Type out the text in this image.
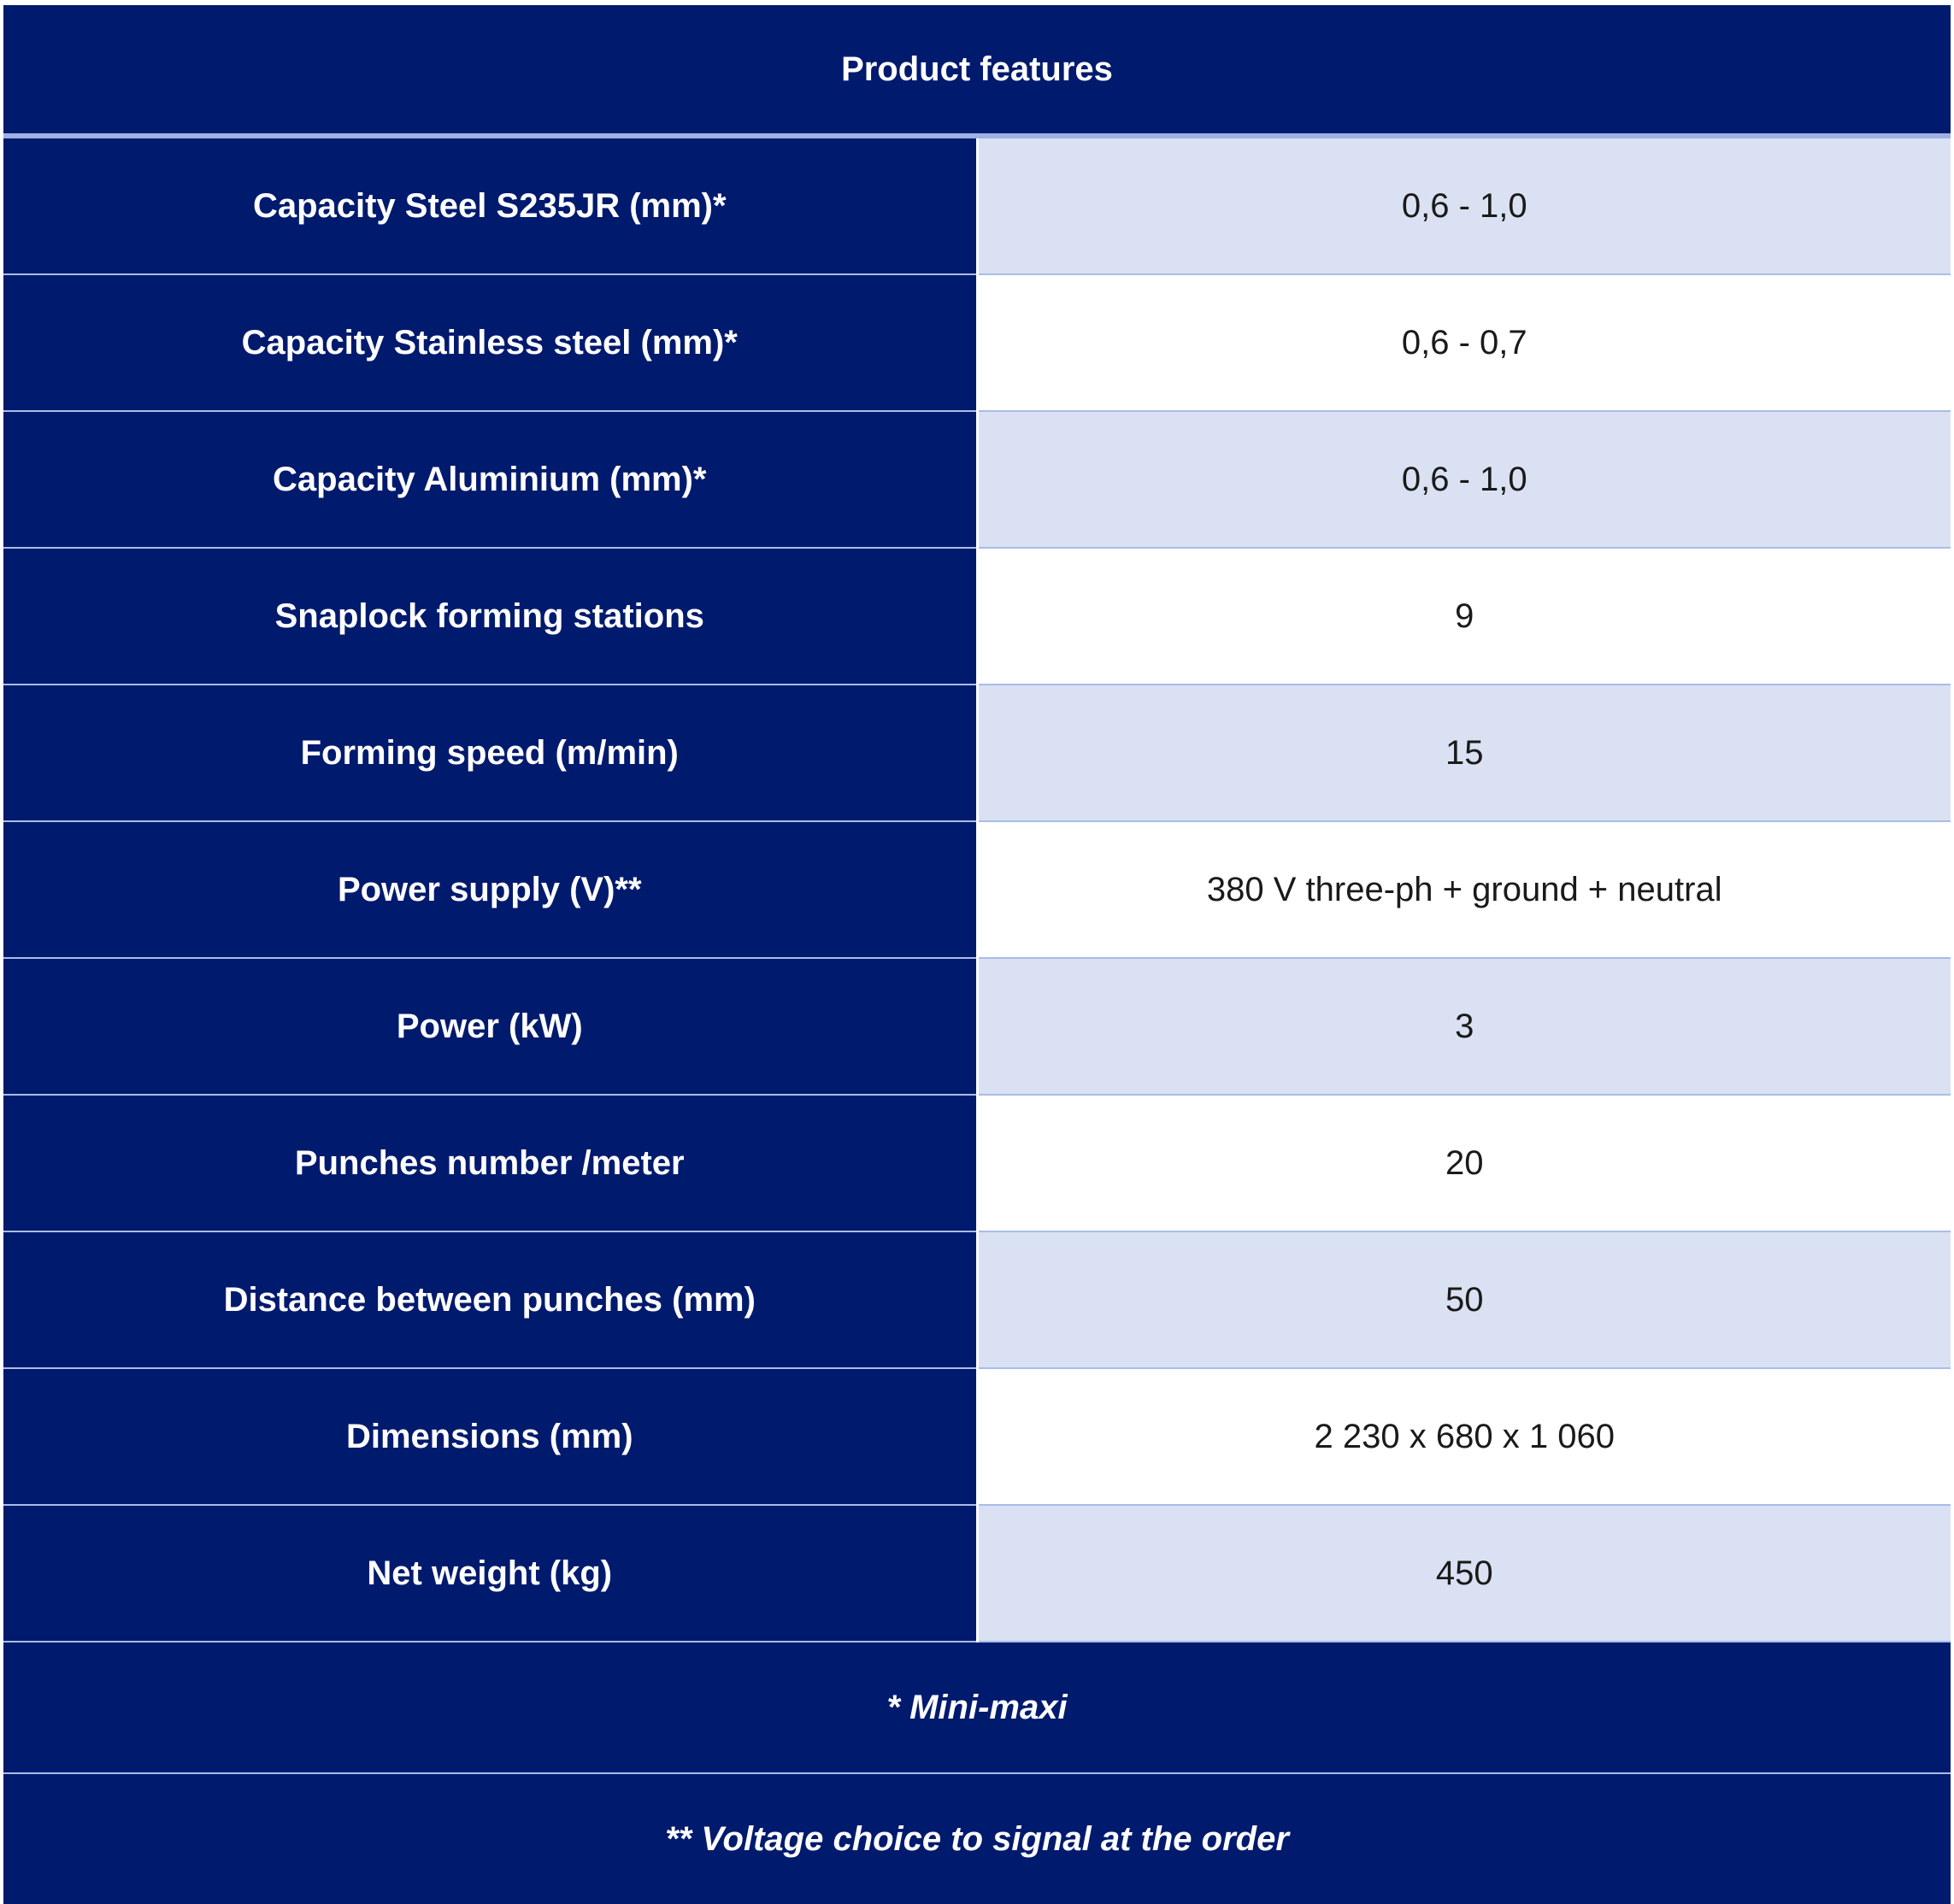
Product features	
Capacity Steel S235JR (mm)*	0,6 - 1,0
Capacity Stainless steel (mm)*	0,6 - 0,7
Capacity Aluminium (mm)*	0,6 - 1,0
Snaplock forming stations	9
Forming speed (m/min)	15
Power supply (V)**	380 V three-ph + ground + neutral
Power (kW)	3
Punches number /meter	20
Distance between punches (mm)	50
Dimensions (mm)	2 230 x 680 x 1 060
Net weight (kg)	450
* Mini-maxi	
** Voltage choice to signal at the order	
